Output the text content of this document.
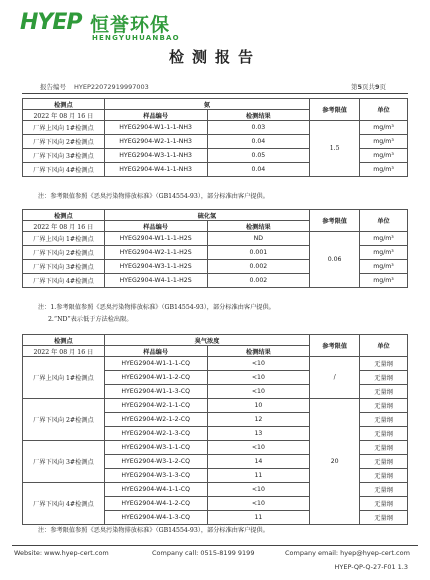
HYEP 恒誉环保
HENGYUHUANBAO
检测报告
报告编号 HYEP22072919997003	第5页共9页
检测点	氨		参考限值	单位
2022 年 08 月 16 日	样品编号	检测结果		
厂界上风向 1#检测点	HYEG2904-W1-1-1-NH3	0.03	1.5	mg/m³
厂界下风向 2#检测点	HYEG2904-W2-1-1-NH3	0.04		mg/m³
厂界下风向 3#检测点	HYEG2904-W3-1-1-NH3	0.05		mg/m³
厂界下风向 4#检测点	HYEG2904-W4-1-1-NH3	0.04		mg/m³
注：参考限值参照《恶臭污染物排放标准》（GB14554-93），部分标准由客户提供。
检测点	硫化氢		参考限值	单位
2022 年 08 月 16 日	样品编号	检测结果		
厂界上风向 1#检测点	HYEG2904-W1-1-1-H2S	ND	0.06	mg/m³
厂界下风向 2#检测点	HYEG2904-W2-1-1-H2S	0.001		mg/m³
厂界下风向 3#检测点	HYEG2904-W3-1-1-H2S	0.002		mg/m³
厂界下风向 4#检测点	HYEG2904-W4-1-1-H2S	0.002		mg/m³
注：1.参考限值参照《恶臭污染物排放标准》（GB14554-93），部分标准由客户提供。
2.“ND”表示低于方法检出限。
检测点	臭气浓度		参考限值	单位
2022 年 08 月 16 日	样品编号	检测结果		
厂界上风向 1#检测点	HYEG2904-W1-1-1-CQ	<10	/	无量纲
	HYEG2904-W1-1-2-CQ	<10		无量纲
	HYEG2904-W1-1-3-CQ	<10		无量纲
厂界下风向 2#检测点	HYEG2904-W2-1-1-CQ	10	20	无量纲
	HYEG2904-W2-1-2-CQ	12		无量纲
	HYEG2904-W2-1-3-CQ	13		无量纲
厂界下风向 3#检测点	HYEG2904-W3-1-1-CQ	<10		无量纲
	HYEG2904-W3-1-2-CQ	14		无量纲
	HYEG2904-W3-1-3-CQ	11		无量纲
厂界下风向 4#检测点	HYEG2904-W4-1-1-CQ	<10		无量纲
	HYEG2904-W4-1-2-CQ	<10		无量纲
	HYEG2904-W4-1-3-CQ	11		无量纲
注：参考限值参照《恶臭污染物排放标准》（GB14554-93），部分标准由客户提供。
Website: www.hyep-cert.com	Company call: 0515-8199 9199	Company email: hyep@hyep-cert.com
HYEP-QP-Q-27-F01 1.3
